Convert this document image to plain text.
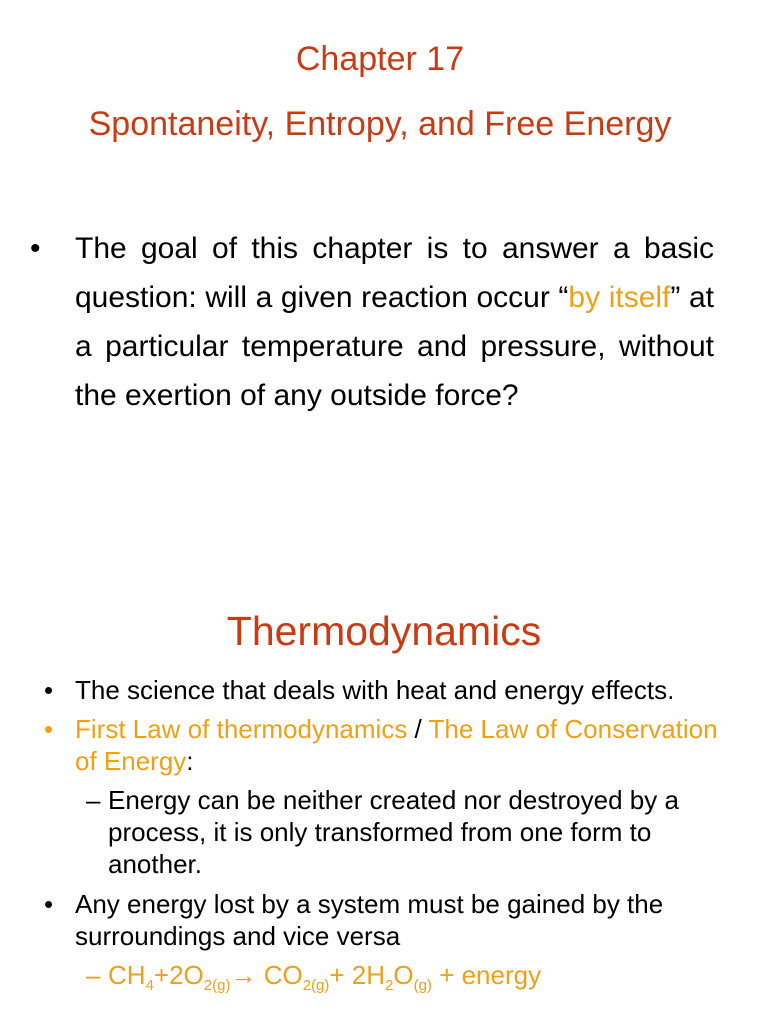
Chapter 17
Spontaneity, Entropy, and Free Energy
•	The goal of this chapter is to answer a basic question: will a given reaction occur “by itself” at a particular temperature and pressure, without the exertion of any outside force?
Thermodynamics
• The science that deals with heat and energy effects.
• First Law of thermodynamics / The Law of Conservation of Energy:
– Energy can be neither created nor destroyed by a process, it is only transformed from one form to another.
• Any energy lost by a system must be gained by the surroundings and vice versa
– $CH_4+2O_{2(g)}\to CO_{2(g)}+ 2H_2O_{(g)}$ + energy
